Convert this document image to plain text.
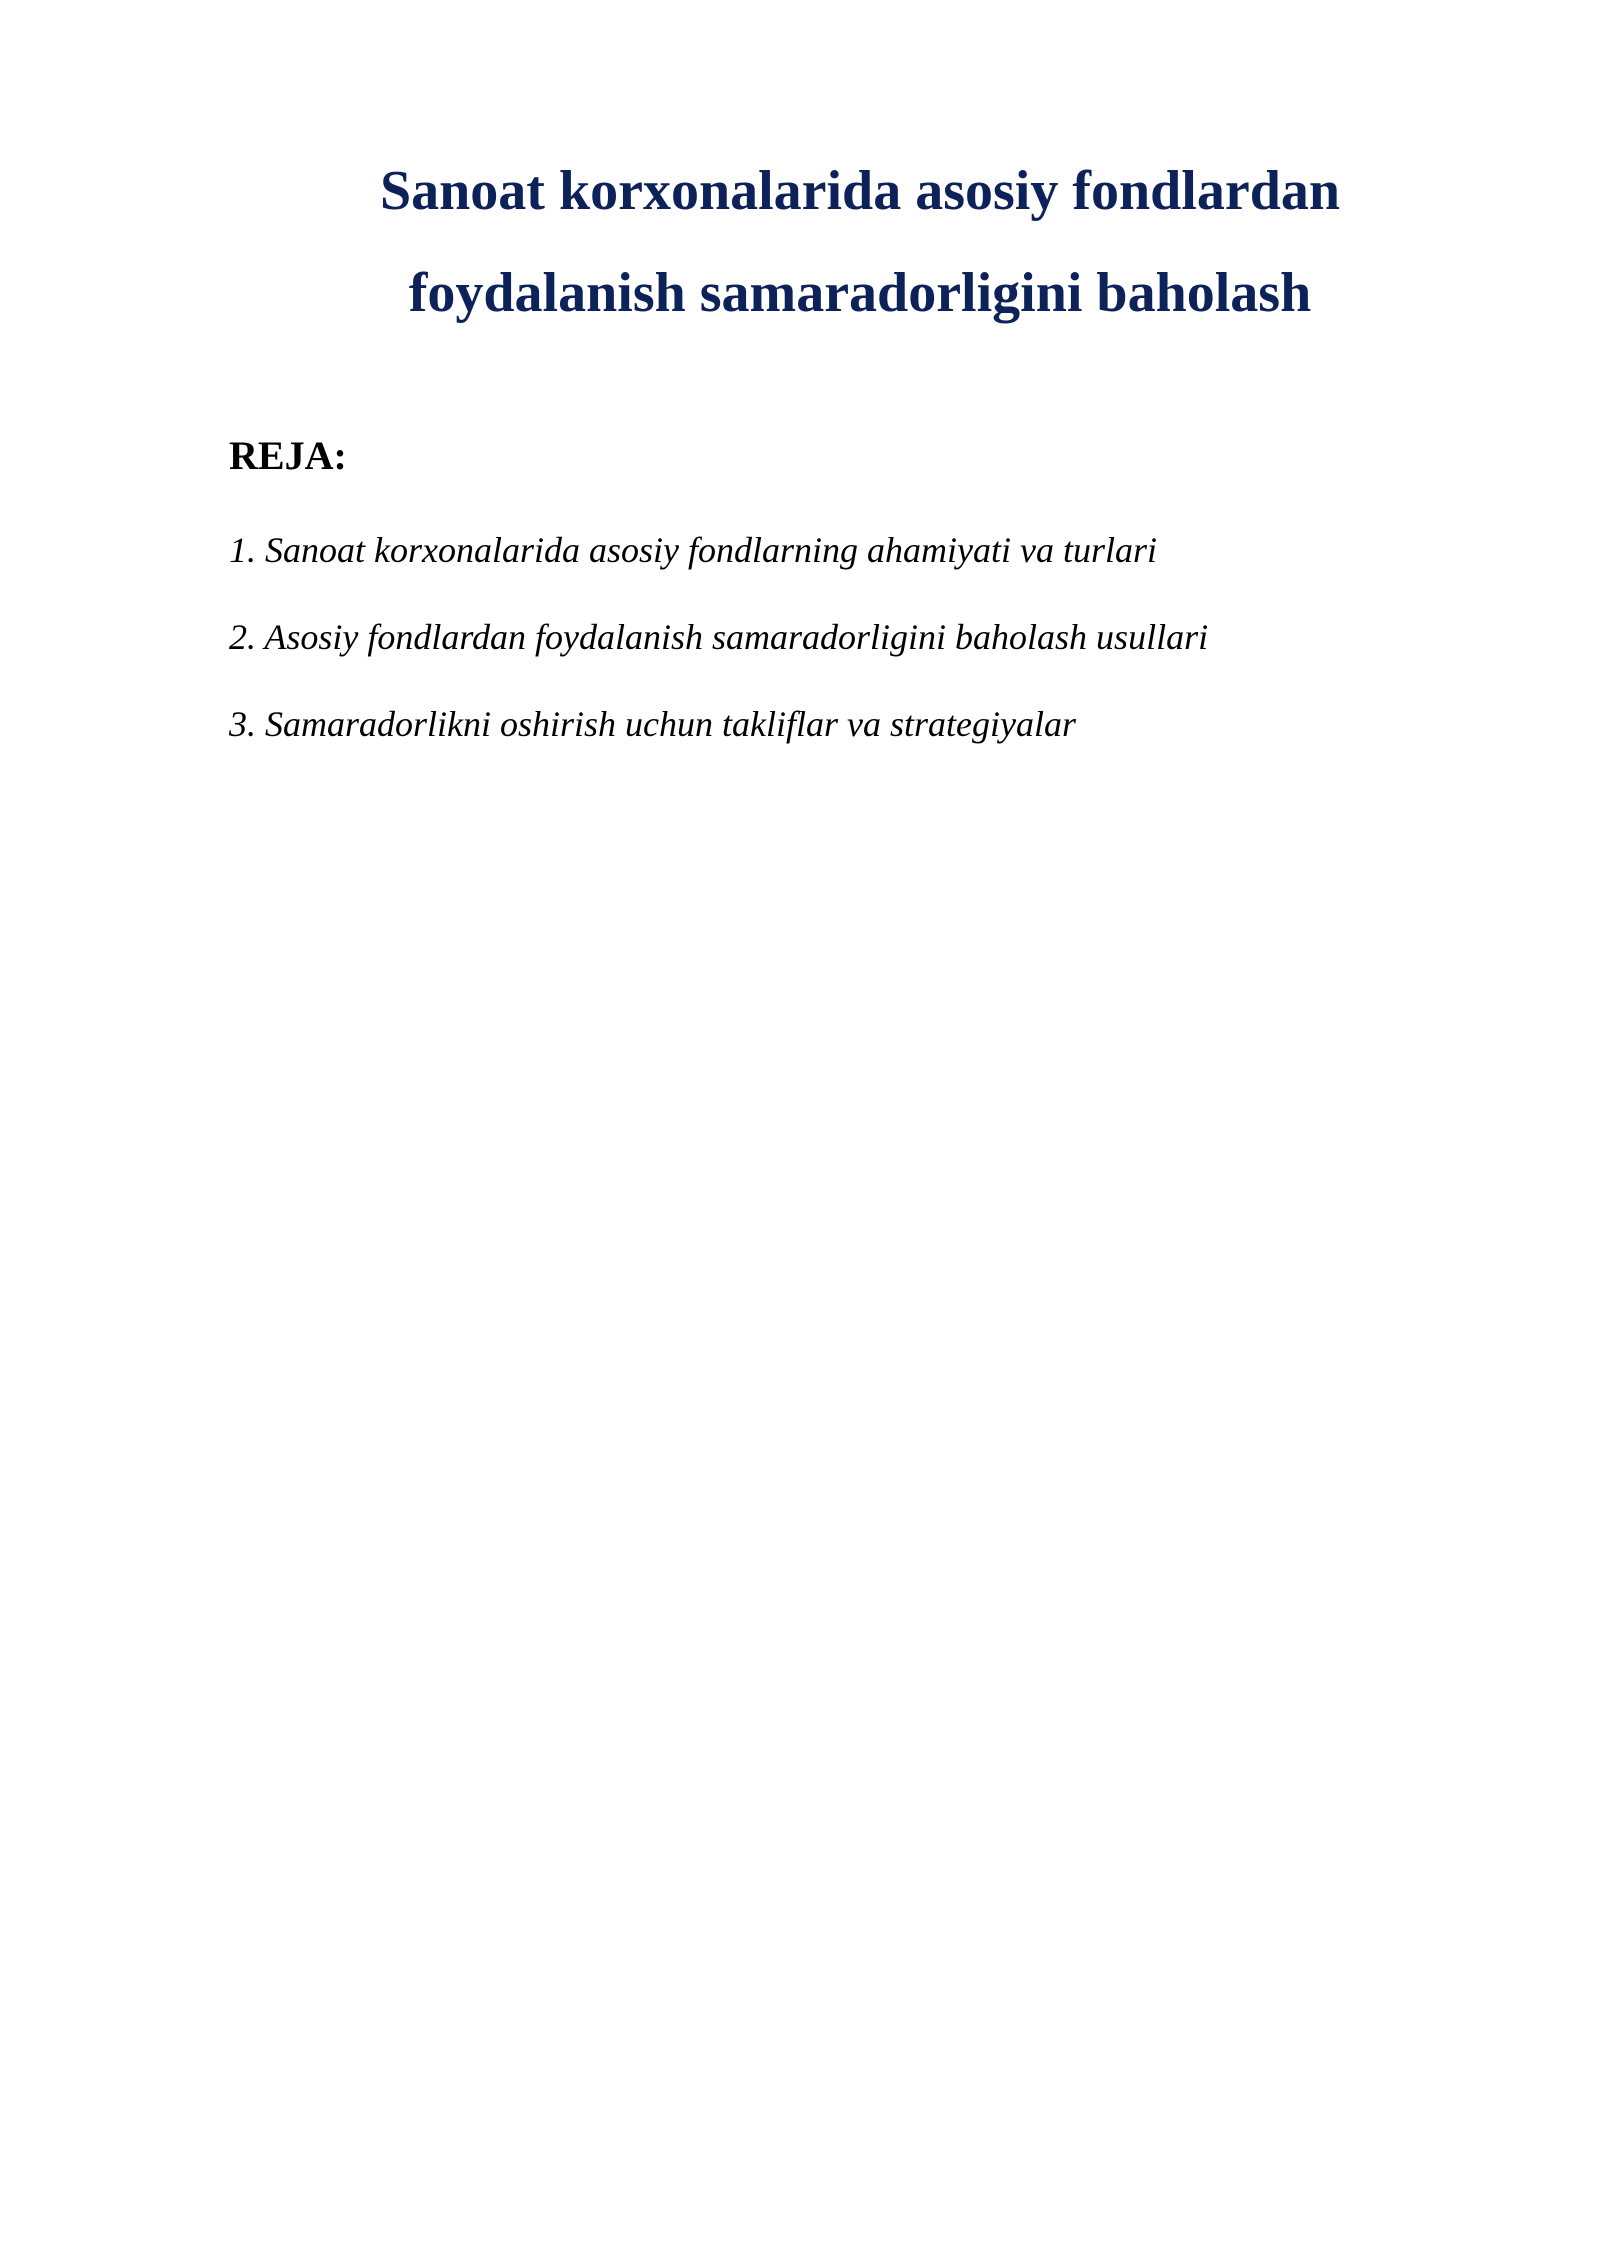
Sanoat korxonalarida asosiy fondlardan
foydalanish samaradorligini baholash
REJA:
1. Sanoat korxonalarida asosiy fondlarning ahamiyati va turlari
2. Asosiy fondlardan foydalanish samaradorligini baholash usullari
3. Samaradorlikni oshirish uchun takliflar va strategiyalar
